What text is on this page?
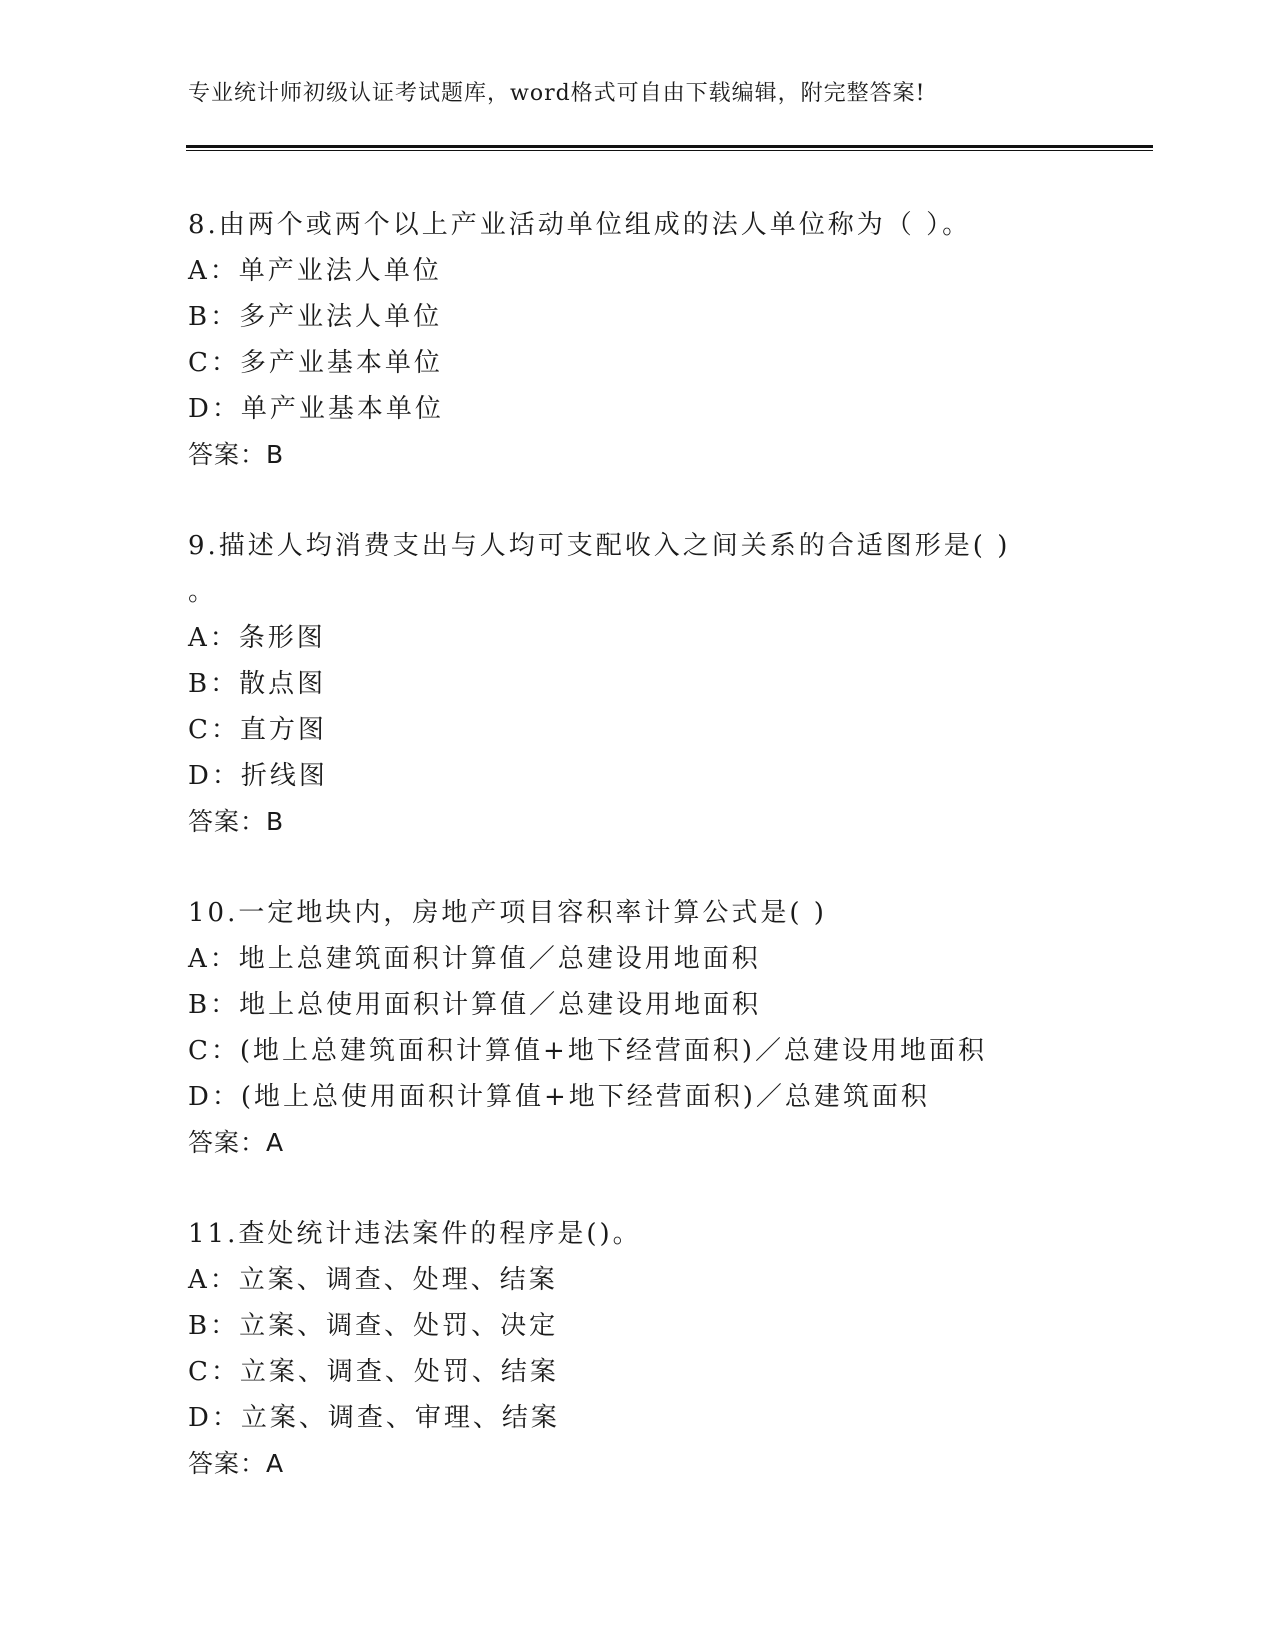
专业统计师初级认证考试题库，word格式可自由下载编辑，附完整答案!
8.由两个或两个以上产业活动单位组成的法人单位称为（ ）。
A：单产业法人单位
B：多产业法人单位
C：多产业基本单位
D：单产业基本单位
答案：B
9.描述人均消费支出与人均可支配收入之间关系的合适图形是( )
。
A：条形图
B：散点图
C：直方图
D：折线图
答案：B
10.一定地块内，房地产项目容积率计算公式是( )
A：地上总建筑面积计算值／总建设用地面积
B：地上总使用面积计算值／总建设用地面积
C：(地上总建筑面积计算值+地下经营面积)／总建设用地面积
D：(地上总使用面积计算值+地下经营面积)／总建筑面积
答案：A
11.查处统计违法案件的程序是()。
A：立案、调查、处理、结案
B：立案、调查、处罚、决定
C：立案、调查、处罚、结案
D：立案、调查、审理、结案
答案：A
